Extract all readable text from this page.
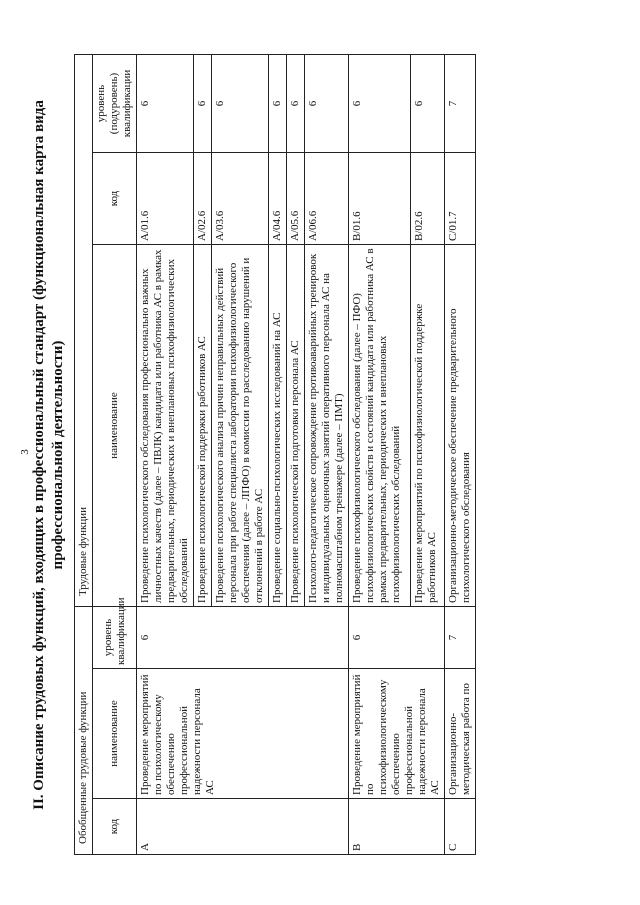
3 II. Описание трудовых функций, входящих в профессиональный стандарт (функциональная карта вида профессиональной деятельности)
Обобщенные трудовые функции			Трудовые функции		
код	наименование	уровень квалификации	наименование	код	уровень (подуровень) квалификации
A	Проведение мероприятий по психологическому обеспечению профессиональной надежности персонала АС	6	Проведение психологического обследования профессионально важных личностных качеств (далее – ПВЛК) кандидата или работника АС в рамках предварительных, периодических и внеплановых психофизиологических обследований	A/01.6	6
			Проведение психологической поддержки работников АС	A/02.6	6
			Проведение психологического анализа причин неправильных действий персонала при работе специалиста лаборатории психофизиологического обеспечения (далее – ЛПФО) в комиссии по расследованию нарушений и отклонений в работе АС	A/03.6	6
			Проведение социально-психологических исследований на АС	A/04.6	6
			Проведение психологической подготовки персонала АС	A/05.6	6
			Психолого-педагогическое сопровождение противоаварийных тренировок и индивидуальных оценочных занятий оперативного персонала АС на полномасштабном тренажере (далее – ПМТ)	A/06.6	6
B	Проведение мероприятий по психофизиологическому обеспечению профессиональной надежности персонала АС	6	Проведение психофизиологического обследования (далее – ПФО) психофизиологических свойств и состояний кандидата или работника АС в рамках предварительных, периодических и внеплановых психофизиологических обследований	B/01.6	6
			Проведение мероприятий по психофизиологической поддержке работников АС	B/02.6	6
C	Организационно-методическая работа по	7	Организационно-методическое обеспечение предварительного психологического обследования	C/01.7	7
